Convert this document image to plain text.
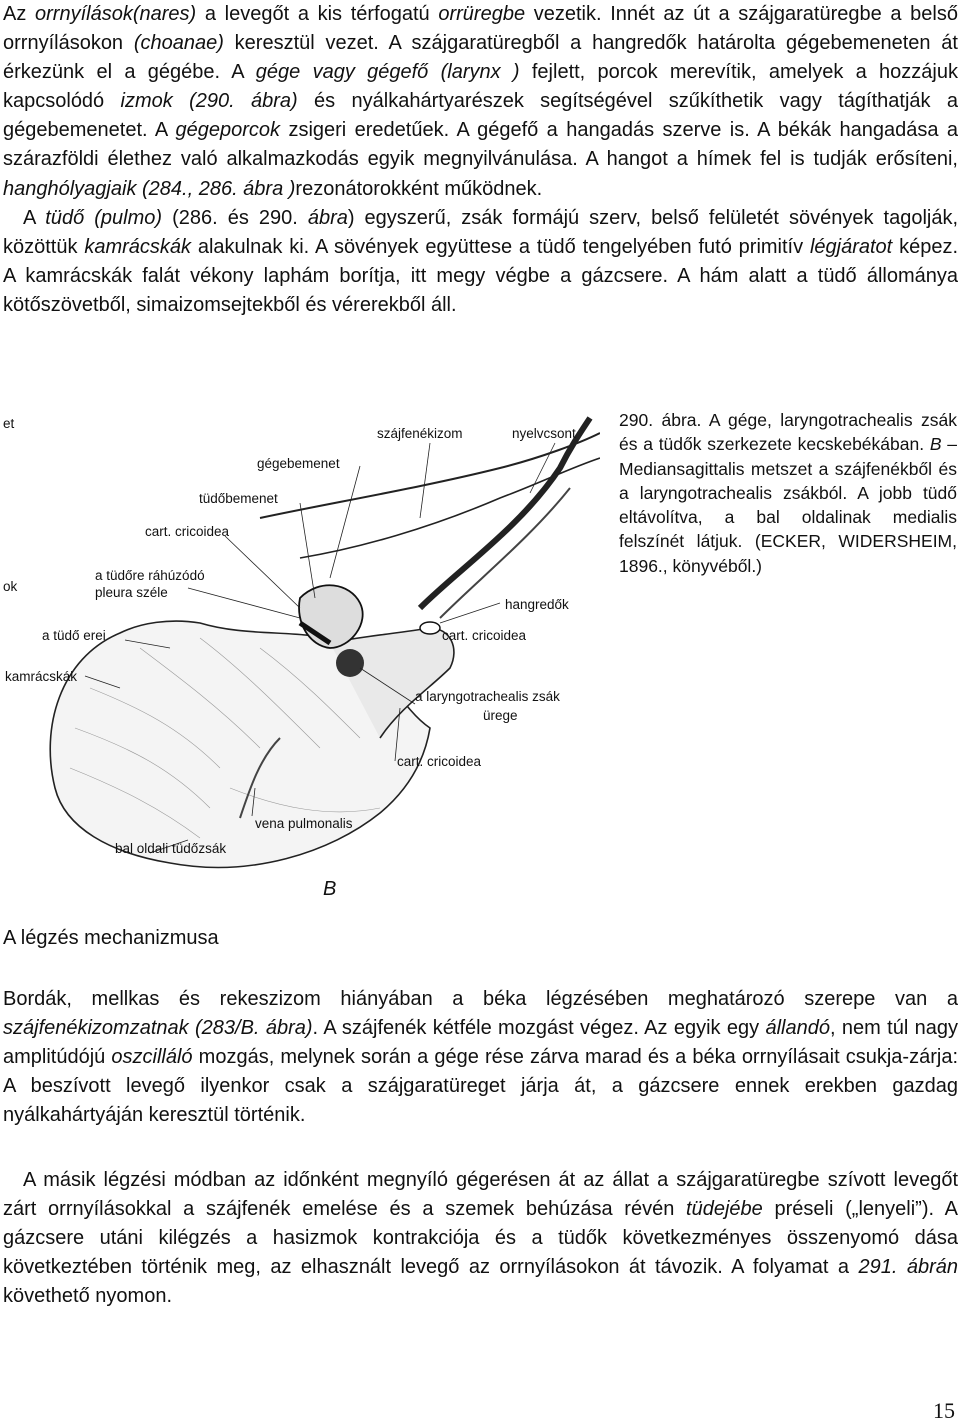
Az orrnyílások(nares) a levegőt a kis térfogatú orrüregbe vezetik. Innét az út a szájgaratüregbe a belső orrnyílásokon (choanae) keresztül vezet. A szájgaratüregből a hangredők határolta gégebemeneten át érkezünk el a gégébe. A gége vagy gégefő (larynx ) fejlett, porcok merevítik, amelyek a hozzájuk kapcsolódó izmok (290. ábra) és nyálkahártyarészek segítségével szűkíthetik vagy tágíthatják a gégebemenetet. A gégeporcok zsigeri eredetűek. A gégefő a hangadás szerve is. A békák hangadása a szárazföldi élethez való alkalmazkodás egyik megnyilvánulása. A hangot a hímek fel is tudják erősíteni, hanghólyagjaik (284., 286. ábra )rezonátorokként működnek.
A tüdő (pulmo) (286. és 290. ábra) egyszerű, zsák formájú szerv, belső felületét sövények tagolják, közöttük kamrácskák alakulnak ki. A sövények együttese a tüdő tengelyében futó primitív légjáratot képez. A kamrácskák falát vékony laphám borítja, itt megy végbe a gázcsere. A hám alatt a tüdő állománya kötőszövetből, simaizomsejtekből és vérerekből áll.

et
ok
szájfenékizom	nyelvcsont
gégebemenet
tüdőbemenet
cart. cricoidea
a tüdőre ráhúzódó
pleura széle
hangredők
a tüdő erei	cart. cricoidea
kamrácskák
a laryngotrachealis zsák
ürege
cart. cricoidea
vena pulmonalis
bal oldali tüdőzsák
B

290. ábra. A gége, laryngotrachealis zsák és a tüdők szerkezete kecskebékában. B – Mediansagittalis metszet a szájfenékből és a laryngotrachealis zsákból. A jobb tüdő eltávolítva, a bal oldalinak medialis felszínét látjuk. (ECKER, WIDERSHEIM, 1896., könyvéből.)

A légzés mechanizmusa

Bordák, mellkas és rekeszizom hiányában a béka légzésében meghatározó szerepe van a szájfenékizomzatnak (283/B. ábra). A szájfenék kétféle mozgást végez. Az egyik egy állandó, nem túl nagy amplitúdójú oszcilláló mozgás, melynek során a gége rése zárva marad és a béka orrnyílásait csukja-zárja: A beszívott levegő ilyenkor csak a szájgaratüreget járja át, a gázcsere ennek erekben gazdag nyálkahártyáján keresztül történik.

A másik légzési módban az időnként megnyíló gégerésen át az állat a szájgaratüregbe szívott levegőt zárt orrnyílásokkal a szájfenék emelése és a szemek behúzása révén tüdejébe préseli („lenyeli”). A gázcsere utáni kilégzés a hasizmok kontrakciója és a tüdők következményes összenyomó dása következtében történik meg, az elhasznált levegő az orrnyílásokon át távozik. A folyamat a 291. ábrán követhető nyomon.

15
